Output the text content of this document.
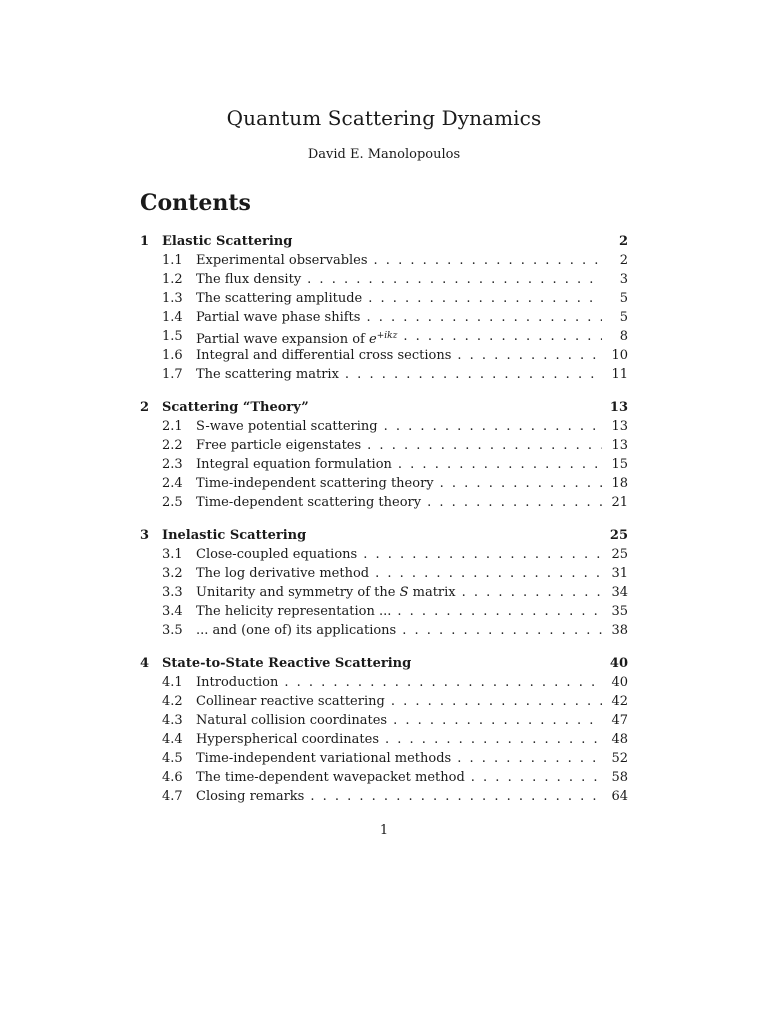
Quantum Scattering Dynamics
David E. Manolopoulos
Contents
1 Elastic Scattering	2
1.1	Experimental observables . . .	2
1.2	The flux density . . .	3
1.3	The scattering amplitude . . .	5
1.4	Partial wave phase shifts . . .	5
1.5	Partial wave expansion of $e^{+ikz}$ . . .	8
1.6	Integral and differential cross sections . . .	10
1.7	The scattering matrix . . .	11
2 Scattering “Theory”	13
2.1	S-wave potential scattering . . .	13
2.2	Free particle eigenstates . . .	13
2.3	Integral equation formulation . . .	15
2.4	Time-independent scattering theory . . .	18
2.5	Time-dependent scattering theory . . .	21
3 Inelastic Scattering	25
3.1	Close-coupled equations . . .	25
3.2	The log derivative method . . .	31
3.3	Unitarity and symmetry of the S matrix . . .	34
3.4	The helicity representation ... . . .	35
3.5	... and (one of) its applications . . .	38
4 State-to-State Reactive Scattering	40
4.1	Introduction . . .	40
4.2	Collinear reactive scattering . . .	42
4.3	Natural collision coordinates . . .	47
4.4	Hyperspherical coordinates . . .	48
4.5	Time-independent variational methods . . .	52
4.6	The time-dependent wavepacket method . . .	58
4.7	Closing remarks . . .	64
1
